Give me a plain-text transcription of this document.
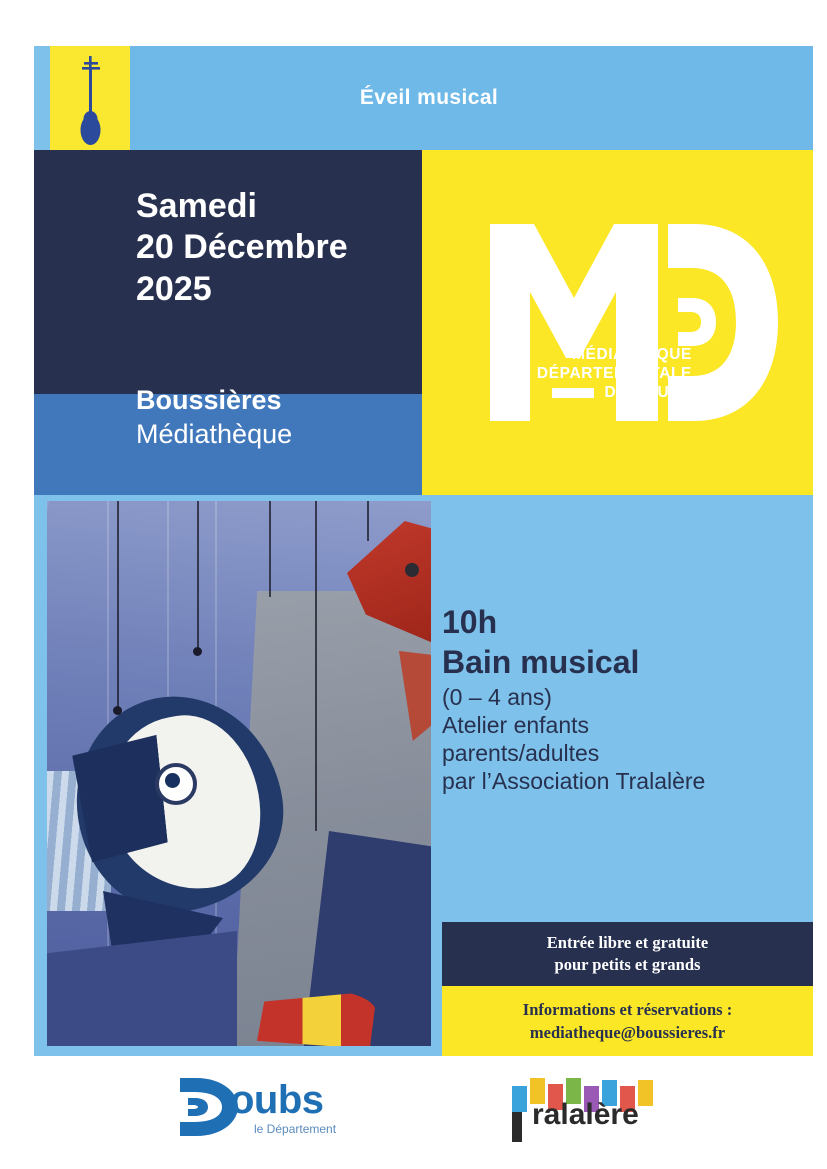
Éveil musical
Samedi
20 Décembre
2025
Boussières
Médiathèque
MÉDIATHÈQUE
DÉPARTEMENTALE
DU DOUBS
10h
Bain musical
(0 – 4 ans)
Atelier enfants
parents/adultes
par l’Association Tralalère
Entrée libre et gratuite
pour petits et grands
Informations et réservations :
mediatheque@boussieres.fr
oubs
le Département	ralalère
